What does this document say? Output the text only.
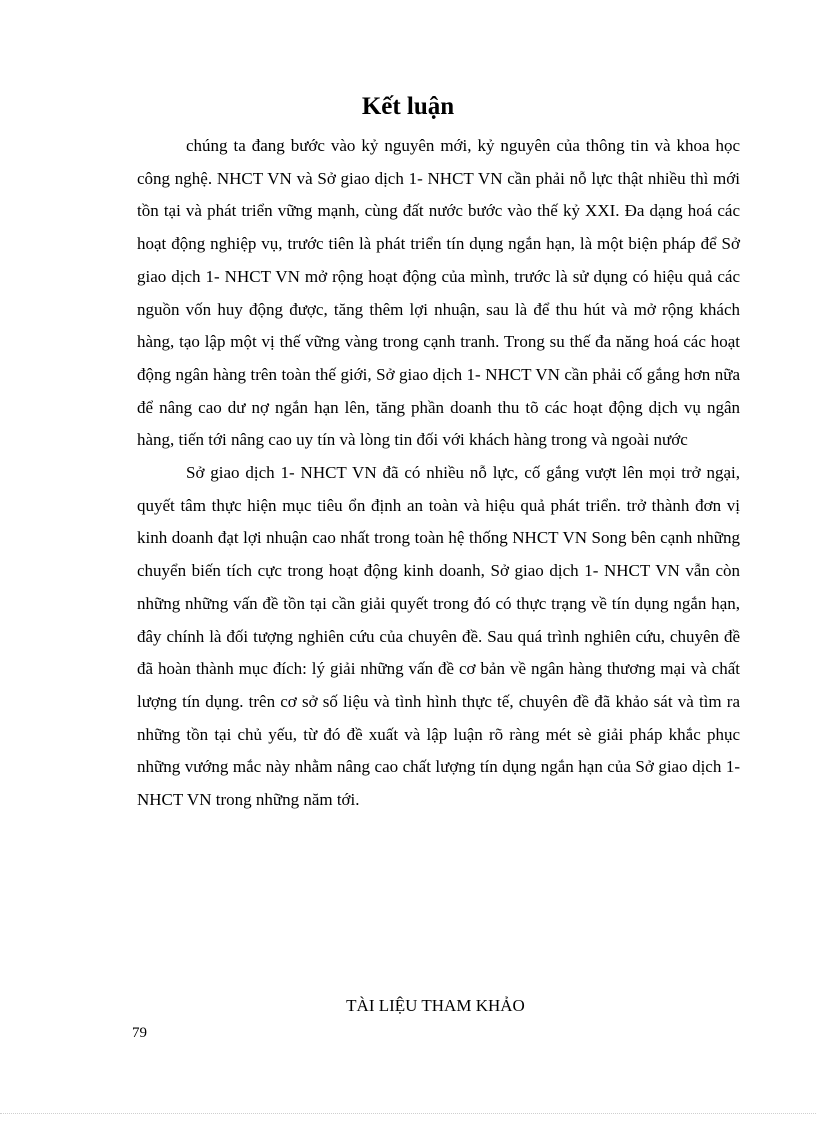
Kết luận

chúng ta đang bước vào kỷ nguyên mới, kỷ nguyên của thông tin và khoa học công nghệ. NHCT VN và Sở giao dịch 1- NHCT VN cần phải nỗ lực thật nhiều thì mới tồn tại và phát triển vững mạnh, cùng đất nước bước vào thế kỷ XXI. Đa dạng hoá các hoạt động nghiệp vụ, trước tiên là phát triển tín dụng ngắn hạn, là một biện pháp để Sở giao dịch 1- NHCT VN mở rộng hoạt động của mình, trước là sử dụng có hiệu quả các nguồn vốn huy động được, tăng thêm lợi nhuận, sau là để thu hút và mở rộng khách hàng, tạo lập một vị thế vững vàng trong cạnh tranh. Trong su thế đa năng hoá các hoạt động ngân hàng trên toàn thế giới, Sở giao dịch 1- NHCT VN cần phải cố gắng hơn nữa để nâng cao dư nợ ngắn hạn lên, tăng phần doanh thu tõ các hoạt động dịch vụ ngân hàng, tiến tới nâng cao uy tín và lòng tin đối với khách hàng trong và ngoài nước

Sở giao dịch 1- NHCT VN đã có nhiều nỗ lực, cố gắng vượt lên mọi trở ngại, quyết tâm thực hiện mục tiêu ổn định an toàn và hiệu quả phát triển. trở thành đơn vị kinh doanh đạt lợi nhuận cao nhất trong toàn hệ thống NHCT VN Song bên cạnh những chuyển biến tích cực trong hoạt động kinh doanh, Sở giao dịch 1- NHCT VN vẫn còn những những vấn đề tồn tại cần giải quyết trong đó có thực trạng về tín dụng ngắn hạn, đây chính là đối tượng nghiên cứu của chuyên đề. Sau quá trình nghiên cứu, chuyên đề đã hoàn thành mục đích: lý giải những vấn đề cơ bản về ngân hàng thương mại và chất lượng tín dụng. trên cơ sở số liệu và tình hình thực tế, chuyên đề đã khảo sát và tìm ra những tồn tại chủ yếu, từ đó đề xuất và lập luận rõ ràng mét sè giải pháp khắc phục những vướng mắc này nhằm nâng cao chất lượng tín dụng ngắn hạn của Sở giao dịch 1- NHCT VN trong những năm tới.

TÀI LIỆU THAM KHẢO
79
